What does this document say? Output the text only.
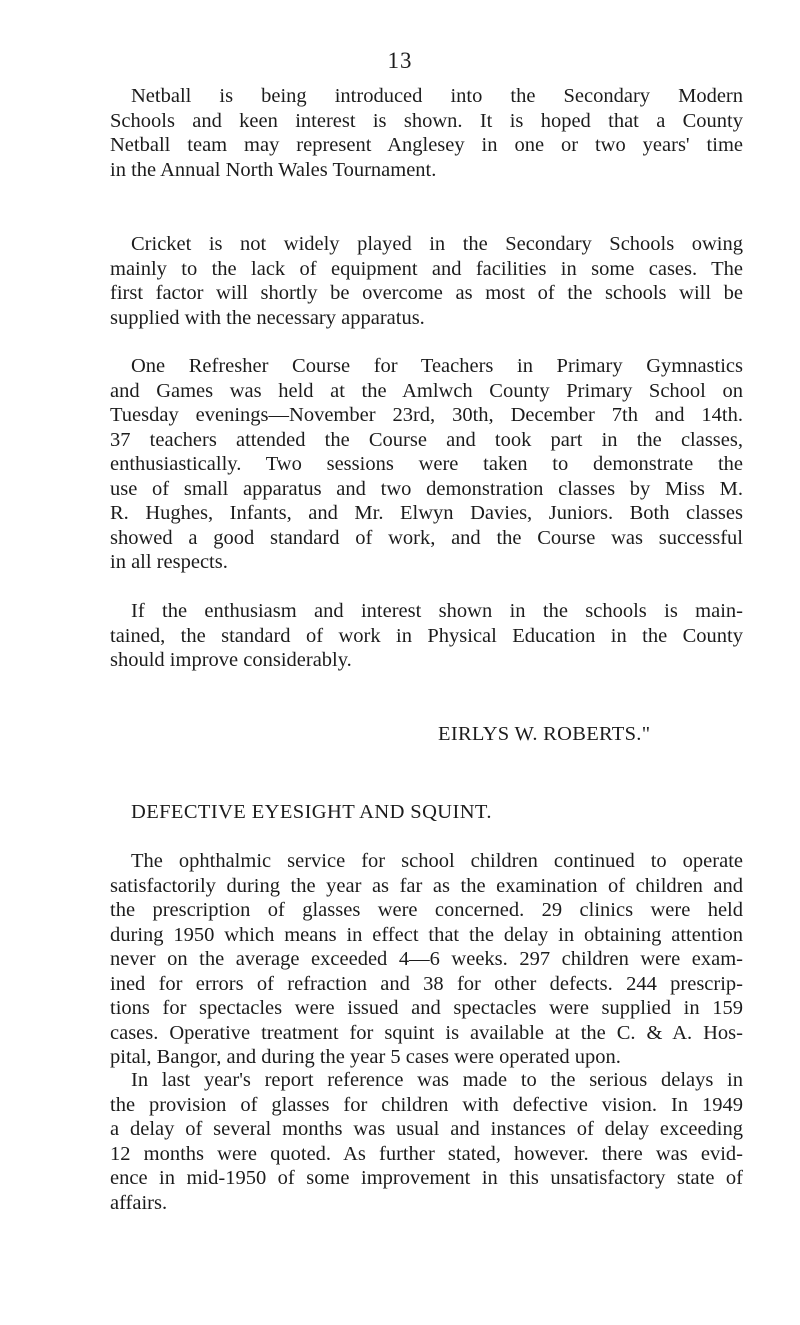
13
Netball is being introduced into the Secondary Modern
Schools and keen interest is shown. It is hoped that a County
Netball team may represent Anglesey in one or two years' time
in the Annual North Wales Tournament.
Cricket is not widely played in the Secondary Schools owing
mainly to the lack of equipment and facilities in some cases. The
first factor will shortly be overcome as most of the schools will be
supplied with the necessary apparatus.
One Refresher Course for Teachers in Primary Gymnastics
and Games was held at the Amlwch County Primary School on
Tuesday evenings—November 23rd, 30th, December 7th and 14th.
37 teachers attended the Course and took part in the classes,
enthusiastically. Two sessions were taken to demonstrate the
use of small apparatus and two demonstration classes by Miss M.
R. Hughes, Infants, and Mr. Elwyn Davies, Juniors. Both classes
showed a good standard of work, and the Course was successful
in all respects.
If the enthusiasm and interest shown in the schools is main-
tained, the standard of work in Physical Education in the County
should improve considerably.
EIRLYS W. ROBERTS."
DEFECTIVE EYESIGHT AND SQUINT.
The ophthalmic service for school children continued to operate
satisfactorily during the year as far as the examination of children and
the prescription of glasses were concerned. 29 clinics were held
during 1950 which means in effect that the delay in obtaining attention
never on the average exceeded 4—6 weeks. 297 children were exam-
ined for errors of refraction and 38 for other defects. 244 prescrip-
tions for spectacles were issued and spectacles were supplied in 159
cases. Operative treatment for squint is available at the C. & A. Hos-
pital, Bangor, and during the year 5 cases were operated upon.
In last year's report reference was made to the serious delays in
the provision of glasses for children with defective vision. In 1949
a delay of several months was usual and instances of delay exceeding
12 months were quoted. As further stated, however. there was evid-
ence in mid-1950 of some improvement in this unsatisfactory state of
affairs.
